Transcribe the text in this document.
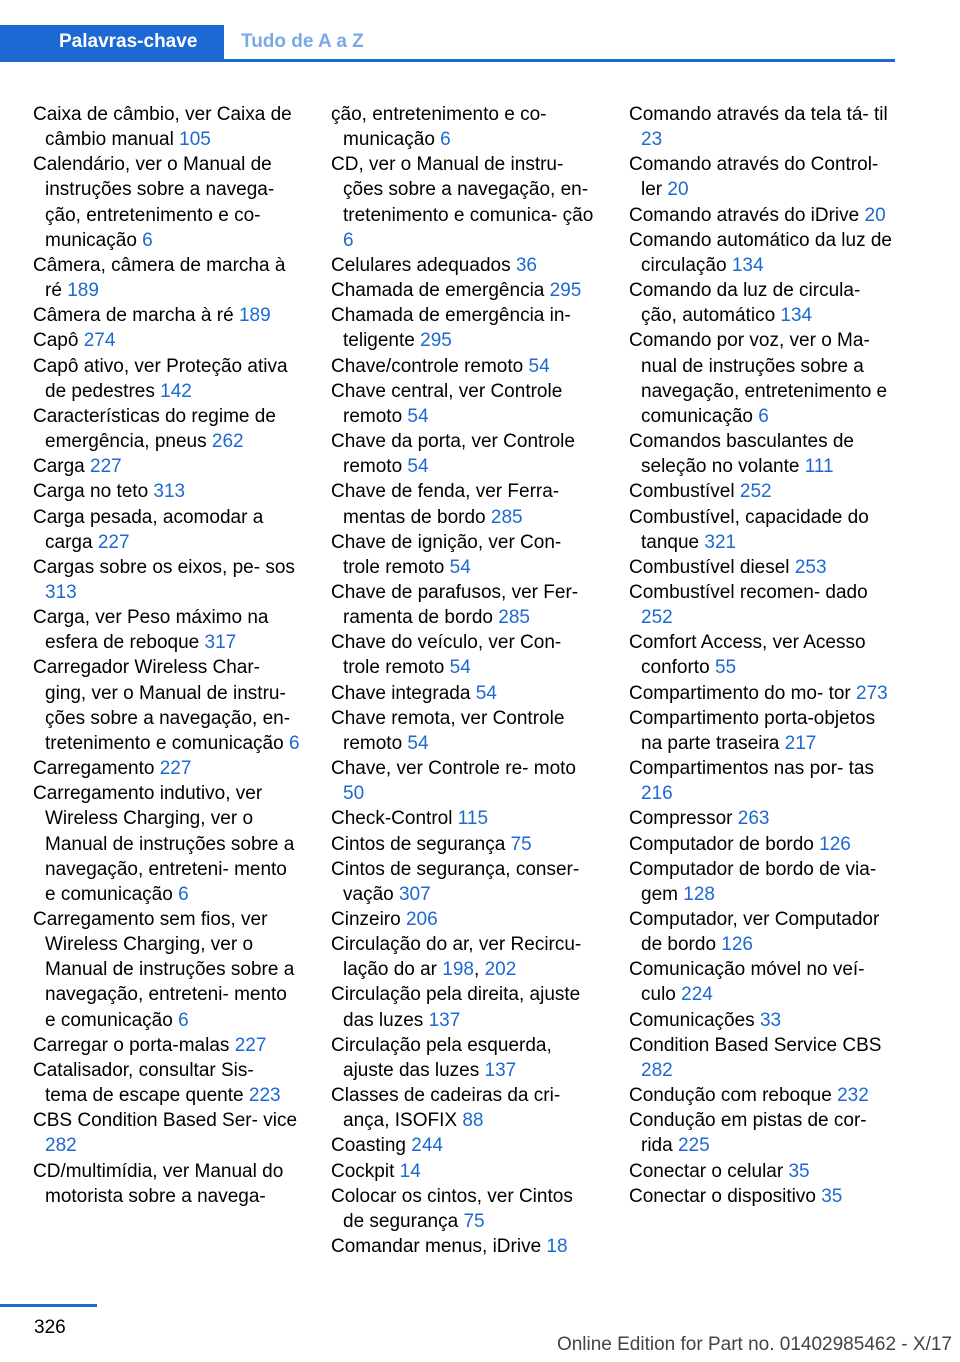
Palavras-chave	Tudo de A a Z
Caixa de câmbio, ver Caixa de câmbio manual 105
Calendário, ver o Manual de instruções sobre a navega- ção, entretenimento e co- municação 6
Câmera, câmera de marcha à ré 189
Câmera de marcha à ré 189
Capô 274
Capô ativo, ver Proteção ativa de pedestres 142
Características do regime de emergência, pneus 262
Carga 227
Carga no teto 313
Carga pesada, acomodar a carga 227
Cargas sobre os eixos, pe- sos 313
Carga, ver Peso máximo na esfera de reboque 317
Carregador Wireless Char- ging, ver o Manual de instru- ções sobre a navegação, en- tretenimento e comunicação 6
Carregamento 227
Carregamento indutivo, ver Wireless Charging, ver o Manual de instruções sobre a navegação, entreteni- mento e comunicação 6
Carregamento sem fios, ver Wireless Charging, ver o Manual de instruções sobre a navegação, entreteni- mento e comunicação 6
Carregar o porta-malas 227
Catalisador, consultar Sis- tema de escape quente 223
CBS Condition Based Ser- vice 282
CD/multimídia, ver Manual do motorista sobre a navega-
ção, entretenimento e co- municação 6
CD, ver o Manual de instru- ções sobre a navegação, en- tretenimento e comunica- ção 6
Celulares adequados 36
Chamada de emergência 295
Chamada de emergência in- teligente 295
Chave/controle remoto 54
Chave central, ver Controle remoto 54
Chave da porta, ver Controle remoto 54
Chave de fenda, ver Ferra- mentas de bordo 285
Chave de ignição, ver Con- trole remoto 54
Chave de parafusos, ver Fer- ramenta de bordo 285
Chave do veículo, ver Con- trole remoto 54
Chave integrada 54
Chave remota, ver Controle remoto 54
Chave, ver Controle re- moto 50
Check-Control 115
Cintos de segurança 75
Cintos de segurança, conser- vação 307
Cinzeiro 206
Circulação do ar, ver Recircu- lação do ar 198, 202
Circulação pela direita, ajuste das luzes 137
Circulação pela esquerda, ajuste das luzes 137
Classes de cadeiras da cri- ança, ISOFIX 88
Coasting 244
Cockpit 14
Colocar os cintos, ver Cintos de segurança 75
Comandar menus, iDrive 18
Comando através da tela tá- til 23
Comando através do Control- ler 20
Comando através do iDrive 20
Comando automático da luz de circulação 134
Comando da luz de circula- ção, automático 134
Comando por voz, ver o Ma- nual de instruções sobre a navegação, entretenimento e comunicação 6
Comandos basculantes de seleção no volante 111
Combustível 252
Combustível, capacidade do tanque 321
Combustível diesel 253
Combustível recomen- dado 252
Comfort Access, ver Acesso conforto 55
Compartimento do mo- tor 273
Compartimento porta-objetos na parte traseira 217
Compartimentos nas por- tas 216
Compressor 263
Computador de bordo 126
Computador de bordo de via- gem 128
Computador, ver Computador de bordo 126
Comunicação móvel no veí- culo 224
Comunicações 33
Condition Based Service CBS 282
Condução com reboque 232
Condução em pistas de cor- rida 225
Conectar o celular 35
Conectar o dispositivo 35
326
Online Edition for Part no. 01402985462 - X/17
